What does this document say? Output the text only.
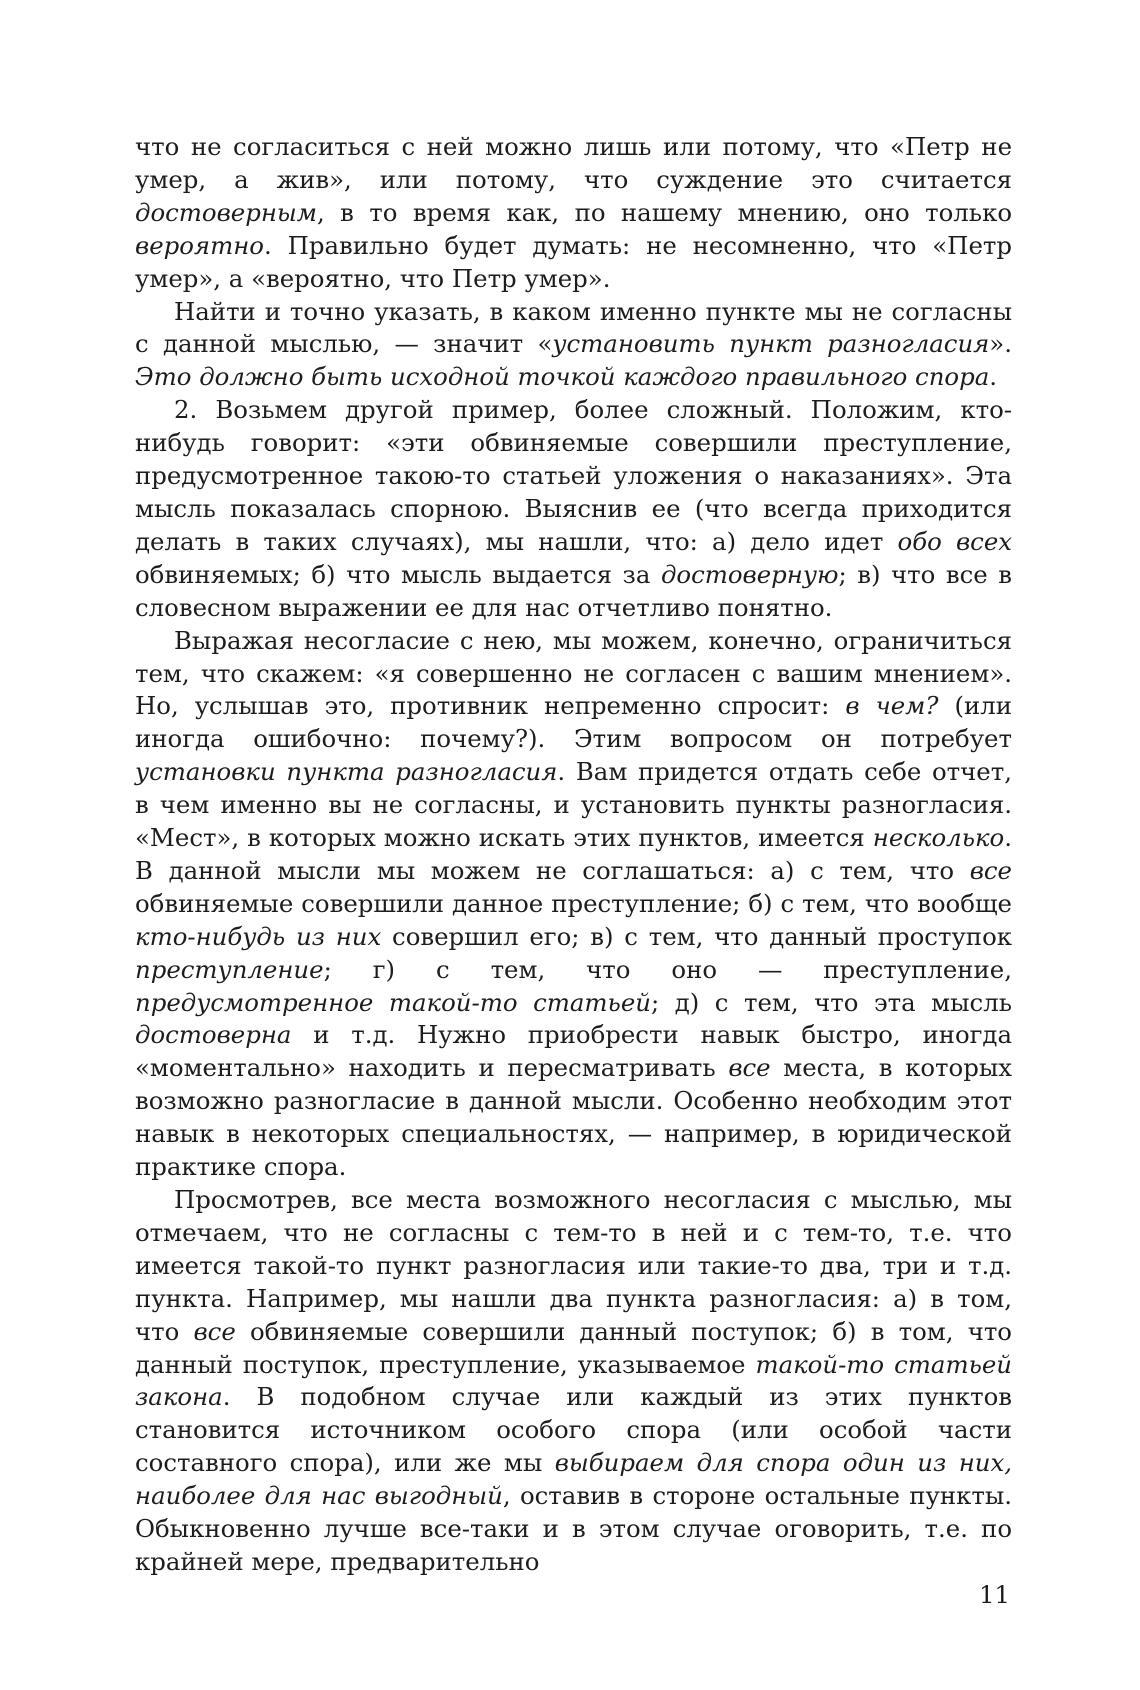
что не согласиться с ней можно лишь или потому, что «Петр не умер, а жив», или потому, что суждение это считается достоверным, в то время как, по нашему мнению, оно только вероятно. Правильно будет думать: не несомненно, что «Петр умер», а «вероятно, что Петр умер».

Найти и точно указать, в каком именно пункте мы не согласны с данной мыслью, — значит «установить пункт разногласия». Это должно быть исходной точкой каждого правильного спора.

2. Возьмем другой пример, более сложный. Положим, кто-нибудь говорит: «эти обвиняемые совершили преступление, предусмотренное такою-то статьей уложения о наказаниях». Эта мысль показалась спорною. Выяснив ее (что всегда приходится делать в таких случаях), мы нашли, что: а) дело идет обо всех обвиняемых; б) что мысль выдается за достоверную; в) что все в словесном выражении ее для нас отчетливо понятно.

Выражая несогласие с нею, мы можем, конечно, ограничиться тем, что скажем: «я совершенно не согласен с вашим мнением». Но, услышав это, противник непременно спросит: в чем? (или иногда ошибочно: почему?). Этим вопросом он потребует установки пункта разногласия. Вам придется отдать себе отчет, в чем именно вы не согласны, и установить пункты разногласия. «Мест», в которых можно искать этих пунктов, имеется несколько. В данной мысли мы можем не соглашаться: а) с тем, что все обвиняемые совершили данное преступление; б) с тем, что вообще кто-нибудь из них совершил его; в) с тем, что данный проступок преступление; г) с тем, что оно — преступление, предусмотренное такой-то статьей; д) с тем, что эта мысль достоверна и т.д. Нужно приобрести навык быстро, иногда «моментально» находить и пересматривать все места, в которых возможно разногласие в данной мысли. Особенно необходим этот навык в некоторых специальностях, — например, в юридической практике спора.

Просмотрев, все места возможного несогласия с мыслью, мы отмечаем, что не согласны с тем-то в ней и с тем-то, т.е. что имеется такой-то пункт разногласия или такие-то два, три и т.д. пункта. Например, мы нашли два пункта разногласия: а) в том, что все обвиняемые совершили данный поступок; б) в том, что данный поступок, преступление, указываемое такой-то статьей закона. В подобном случае или каждый из этих пунктов становится источником особого спора (или особой части составного спора), или же мы выбираем для спора один из них, наиболее для нас выгодный, оставив в стороне остальные пункты. Обыкновенно лучше все-таки и в этом случае оговорить, т.е. по крайней мере, предварительно

11
